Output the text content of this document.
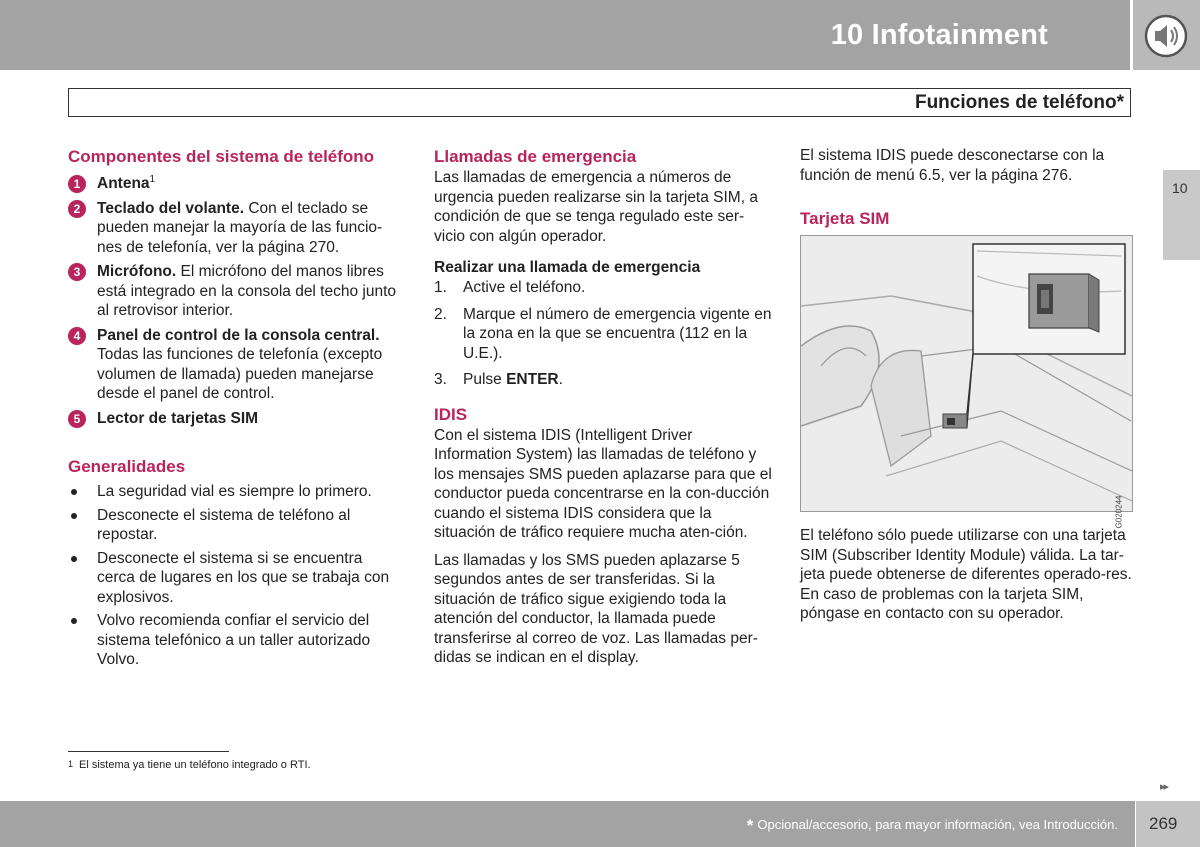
10 Infotainment
Funciones de teléfono*
10
Componentes del sistema de teléfono
1	Antena$^1$
2	Teclado del volante. Con el teclado se pueden manejar la mayoría de las funcio-nes de telefonía, ver la página 270.
3	Micrófono. El micrófono del manos libres está integrado en la consola del techo junto al retrovisor interior.
4	Panel de control de la consola central. Todas las funciones de telefonía (excepto volumen de llamada) pueden manejarse desde el panel de control.
5	Lector de tarjetas SIM
Generalidades
La seguridad vial es siempre lo primero.
Desconecte el sistema de teléfono al repostar.
Desconecte el sistema si se encuentra cerca de lugares en los que se trabaja con explosivos.
Volvo recomienda confiar el servicio del sistema telefónico a un taller autorizado Volvo.
Llamadas de emergencia

Las llamadas de emergencia a números de urgencia pueden realizarse sin la tarjeta SIM, a condición de que se tenga regulado este ser-vicio con algún operador.

Realizar una llamada de emergencia
1. Active el teléfono.
2. Marque el número de emergencia vigente en la zona en la que se encuentra (112 en la U.E.).
3. Pulse ENTER.
IDIS

Con el sistema IDIS (Intelligent Driver Information System) las llamadas de teléfono y los mensajes SMS pueden aplazarse para que el conductor pueda concentrarse en la con-ducción cuando el sistema IDIS considera que la situación de tráfico requiere mucha aten-ción.

Las llamadas y los SMS pueden aplazarse 5 segundos antes de ser transferidas. Si la situación de tráfico sigue exigiendo toda la atención del conductor, la llamada puede transferirse al correo de voz. Las llamadas per-didas se indican en el display.

El sistema IDIS puede desconectarse con la función de menú 6.5, ver la página 276.

Tarjeta SIM
G020244

El teléfono sólo puede utilizarse con una tarjeta SIM (Subscriber Identity Module) válida. La tar-jeta puede obtenerse de diferentes operado-res. En caso de problemas con la tarjeta SIM, póngase en contacto con su operador.

1 El sistema ya tiene un teléfono integrado o RTI.
▸▸
* Opcional/accesorio, para mayor información, vea Introducción. 269
